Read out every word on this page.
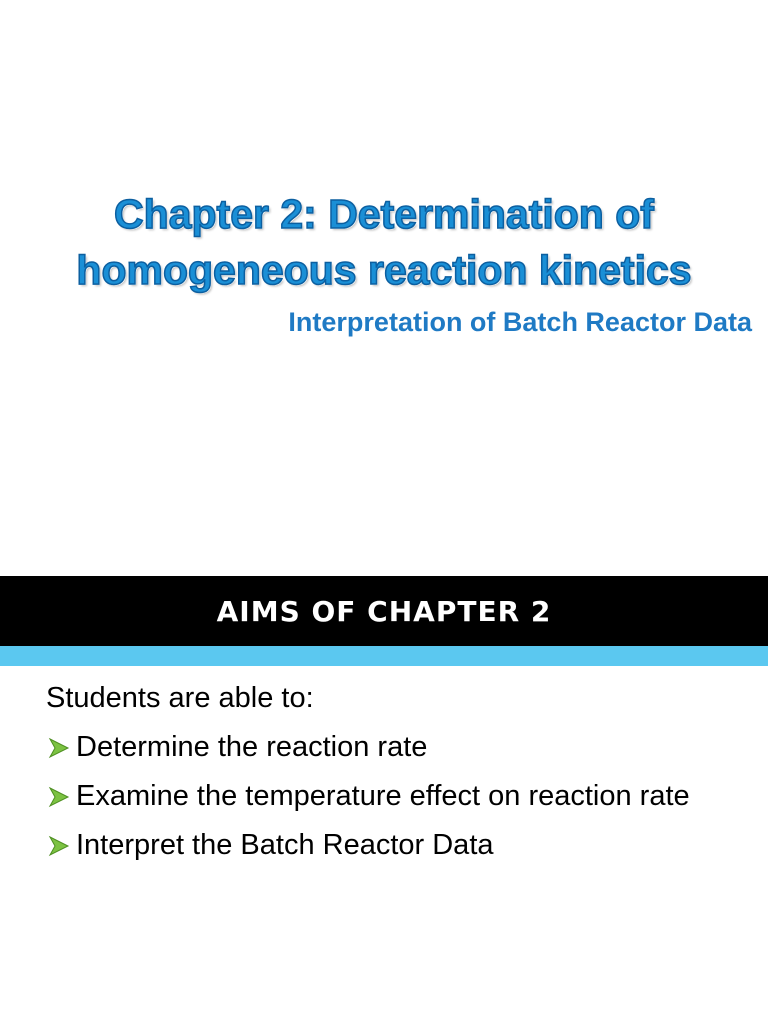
Chapter 2: Determination of
homogeneous reaction kinetics

Interpretation of Batch Reactor Data

AIMS OF CHAPTER 2

Students are able to:

Determine the reaction rate
Examine the temperature effect on reaction rate
Interpret the Batch Reactor Data
